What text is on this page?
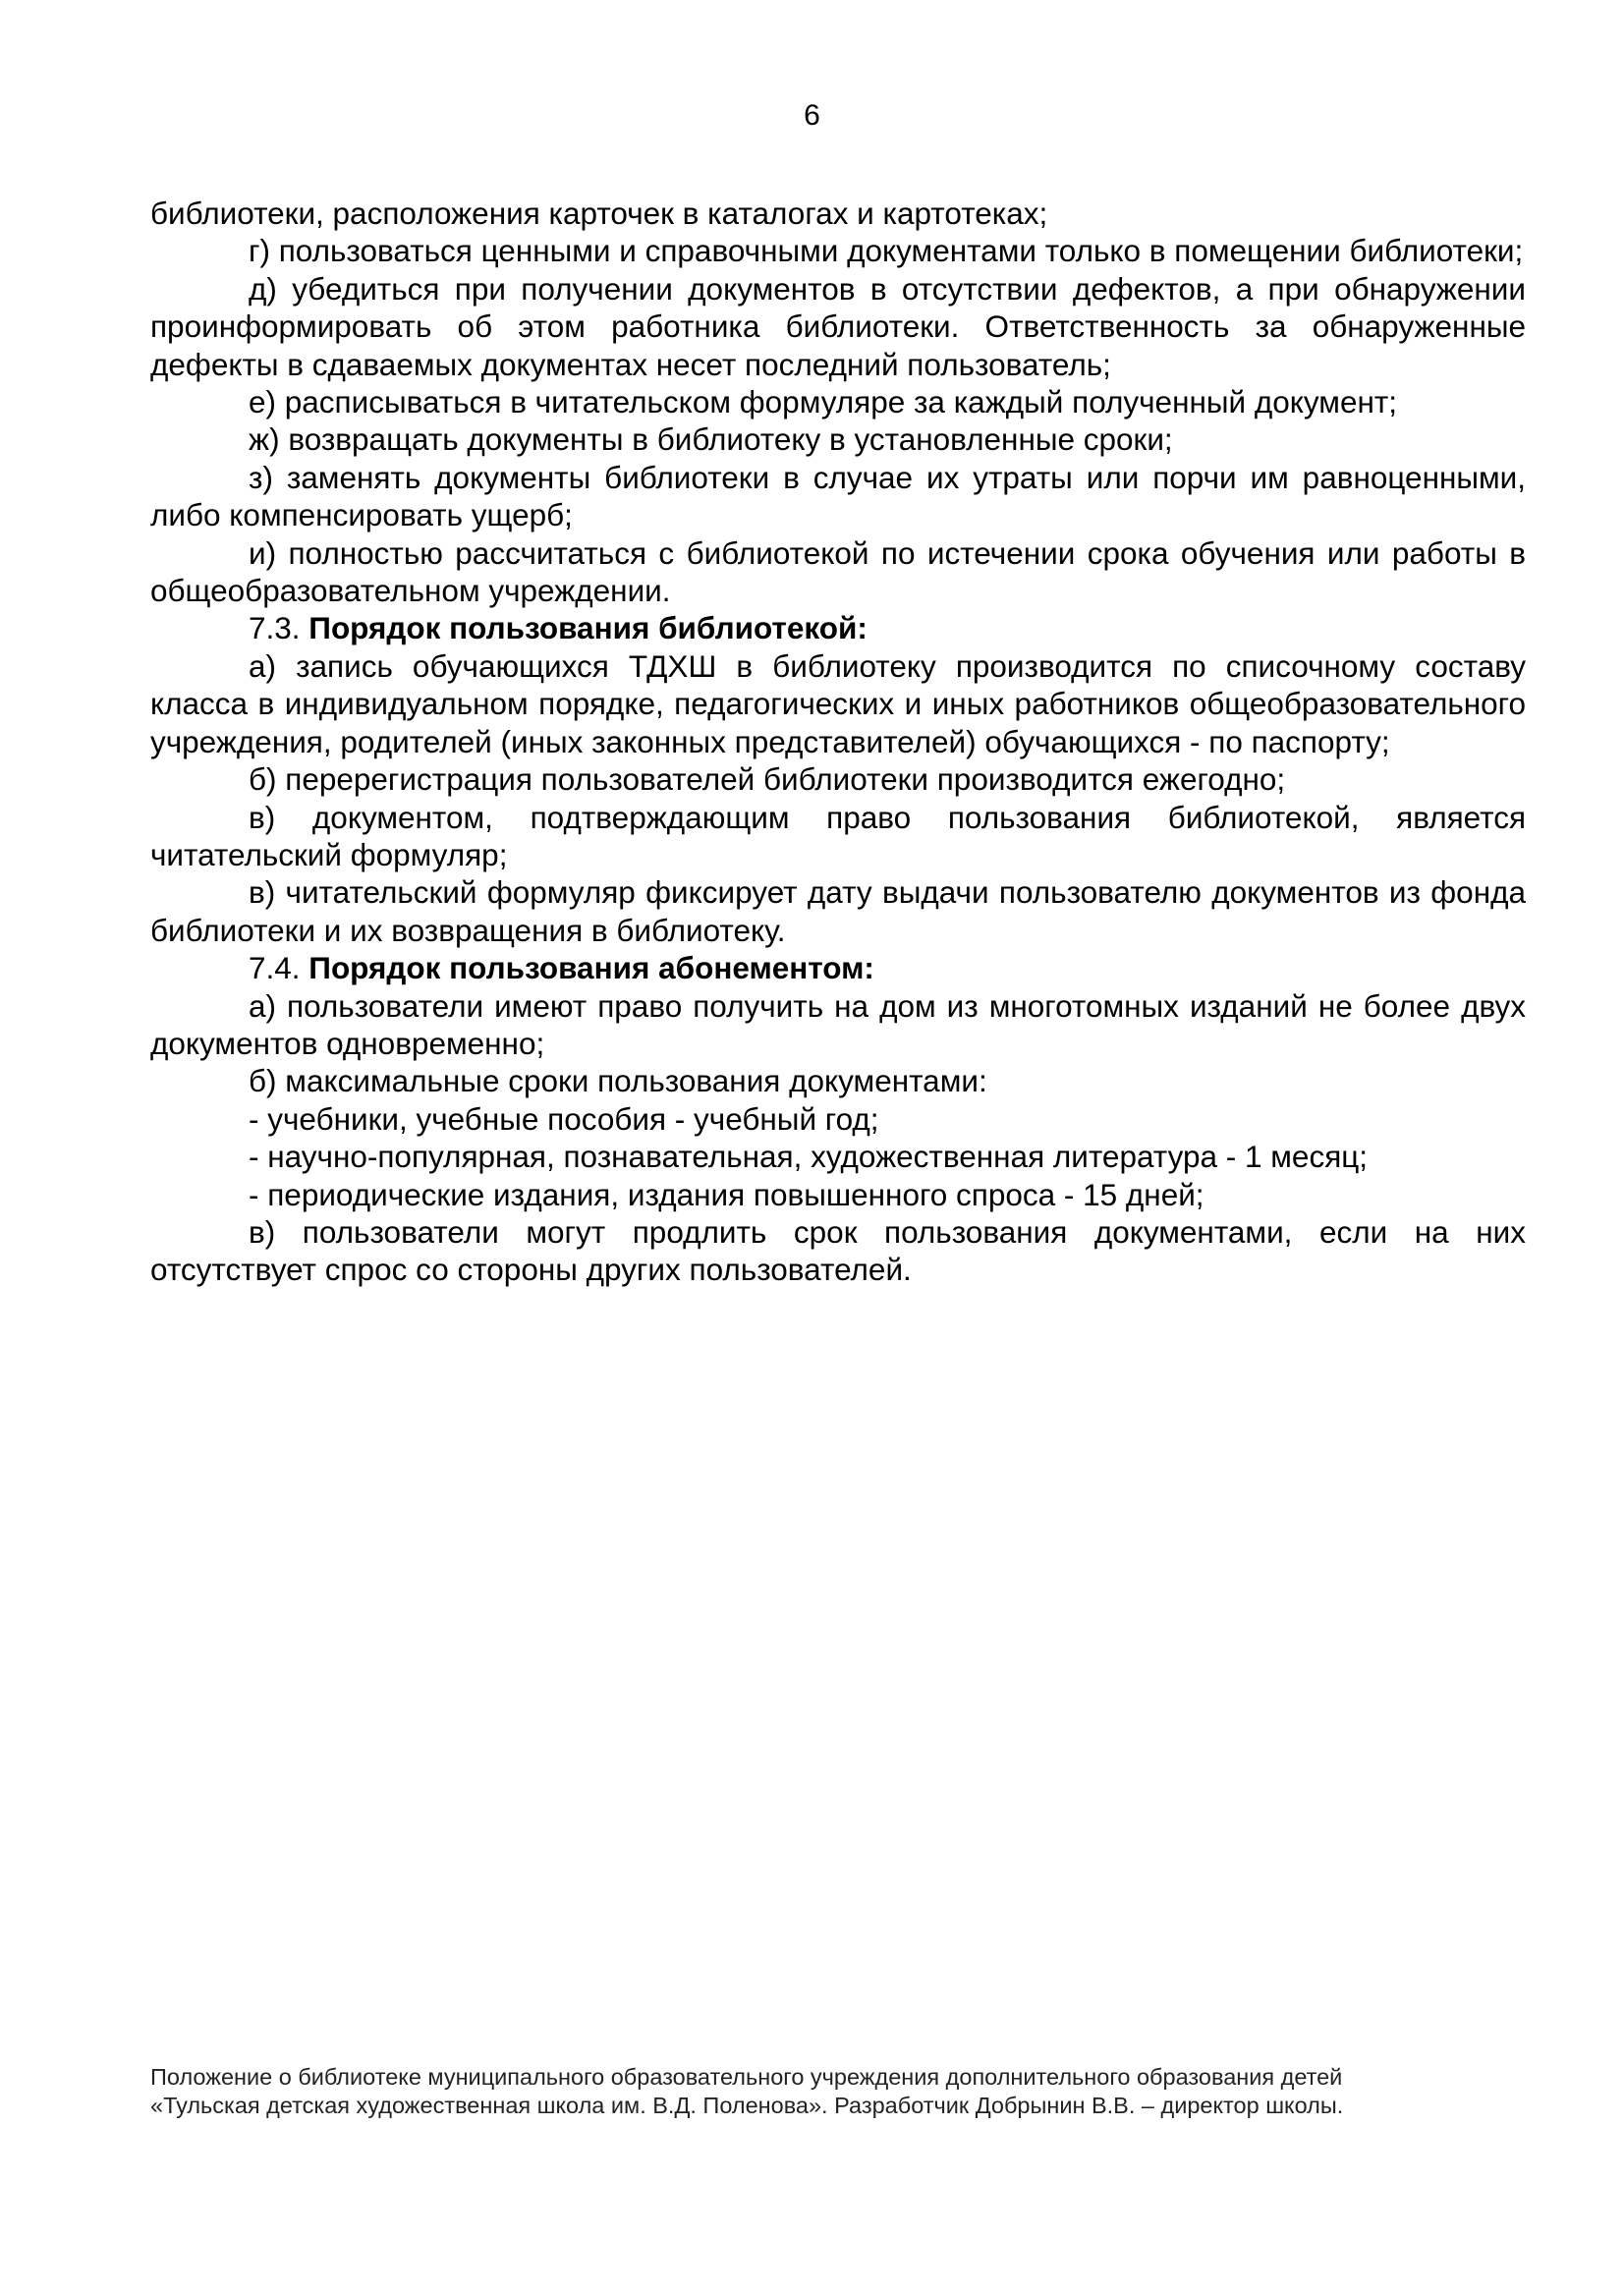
6

библиотеки, расположения карточек в каталогах и картотеках;

г) пользоваться ценными и справочными документами только в помещении библиотеки;

д) убедиться при получении документов в отсутствии дефектов, а при обнаружении проинформировать об этом работника библиотеки. Ответственность за обнаруженные дефекты в сдаваемых документах несет последний пользователь;

е) расписываться в читательском формуляре за каждый полученный документ;

ж) возвращать документы в библиотеку в установленные сроки;

з) заменять документы библиотеки в случае их утраты или порчи им равноценными, либо компенсировать ущерб;

и) полностью рассчитаться с библиотекой по истечении срока обучения или работы в общеобразовательном учреждении.

7.3. Порядок пользования библиотекой:

а) запись обучающихся ТДХШ в библиотеку производится по списочному составу класса в индивидуальном порядке, педагогических и иных работников общеобразовательного учреждения, родителей (иных законных представителей) обучающихся - по паспорту;

б) перерегистрация пользователей библиотеки производится ежегодно;

в) документом, подтверждающим право пользования библиотекой, является читательский формуляр;

в) читательский формуляр фиксирует дату выдачи пользователю документов из фонда библиотеки и их возвращения в библиотеку.

7.4. Порядок пользования абонементом:

а) пользователи имеют право получить на дом из многотомных изданий не более двух документов одновременно;

б) максимальные сроки пользования документами:

- учебники, учебные пособия - учебный год;

- научно-популярная, познавательная, художественная литература - 1 месяц;

- периодические издания, издания повышенного спроса - 15 дней;

в) пользователи могут продлить срок пользования документами, если на них отсутствует спрос со стороны других пользователей.

Положение о библиотеке муниципального образовательного учреждения дополнительного образования детей

«Тульская детская художественная школа им. В.Д. Поленова». Разработчик Добрынин В.В. – директор школы.
